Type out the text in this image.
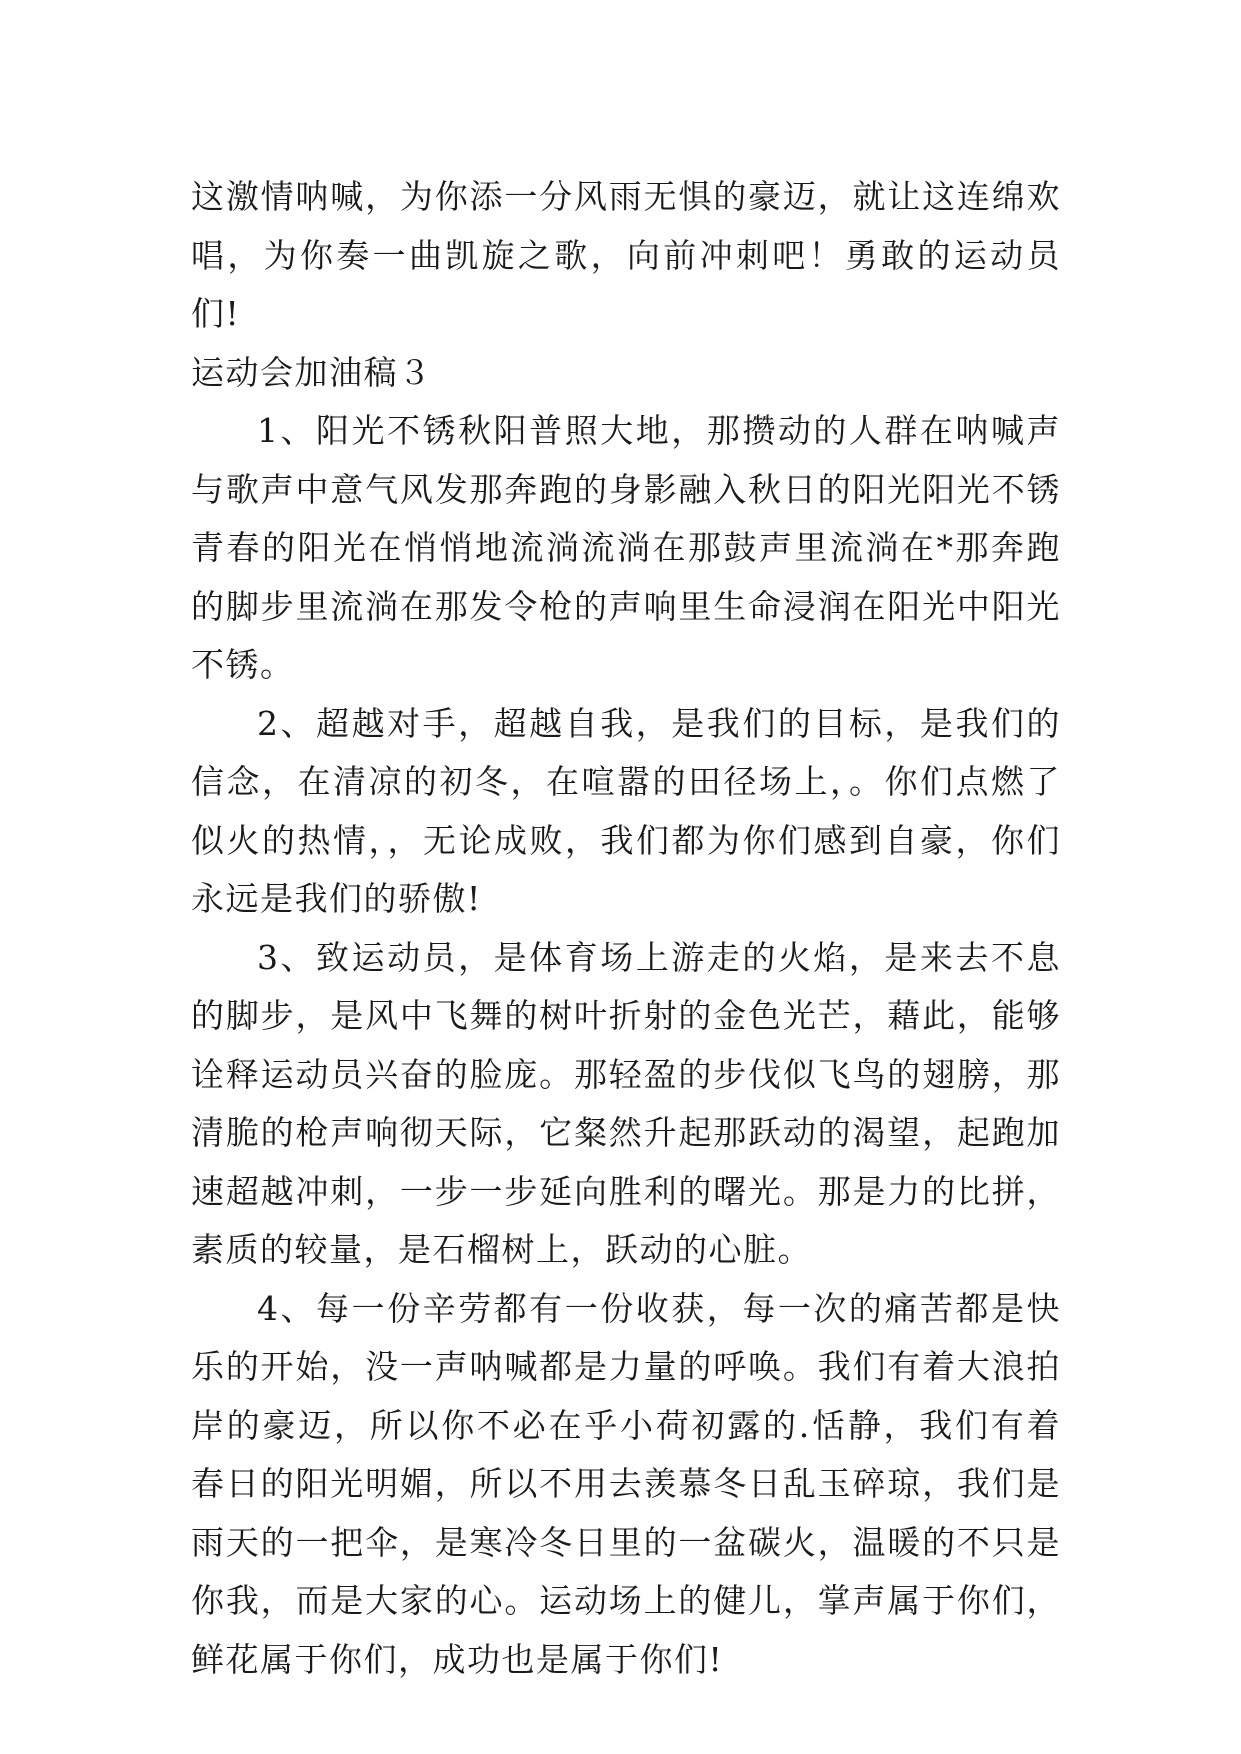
这激情呐喊，为你添一分风雨无惧的豪迈，就让这连绵欢唱，为你奏一曲凯旋之歌，向前冲刺吧！勇敢的运动员们!

运动会加油稿３

1、阳光不锈秋阳普照大地，那攒动的人群在呐喊声与歌声中意气风发那奔跑的身影融入秋日的阳光阳光不锈青春的阳光在悄悄地流淌流淌在那鼓声里流淌在*那奔跑的脚步里流淌在那发令枪的声响里生命浸润在阳光中阳光不锈。

2、超越对手，超越自我，是我们的目标，是我们的信念，在清凉的初冬，在喧嚣的田径场上，。你们点燃了似火的热情，，无论成败，我们都为你们感到自豪，你们永远是我们的骄傲!

3、致运动员，是体育场上游走的火焰，是来去不息的脚步，是风中飞舞的树叶折射的金色光芒，藉此，能够诠释运动员兴奋的脸庞。那轻盈的步伐似飞鸟的翅膀，那清脆的枪声响彻天际，它粲然升起那跃动的渴望，起跑加速超越冲刺，一步一步延向胜利的曙光。那是力的比拼，素质的较量，是石榴树上，跃动的心脏。

4、每一份辛劳都有一份收获，每一次的痛苦都是快乐的开始，没一声呐喊都是力量的呼唤。我们有着大浪拍岸的豪迈，所以你不必在乎小荷初露的.恬静，我们有着春日的阳光明媚，所以不用去羡慕冬日乱玉碎琼，我们是雨天的一把伞，是寒冷冬日里的一盆碳火，温暖的不只是你我，而是大家的心。运动场上的健儿，掌声属于你们，鲜花属于你们，成功也是属于你们!
